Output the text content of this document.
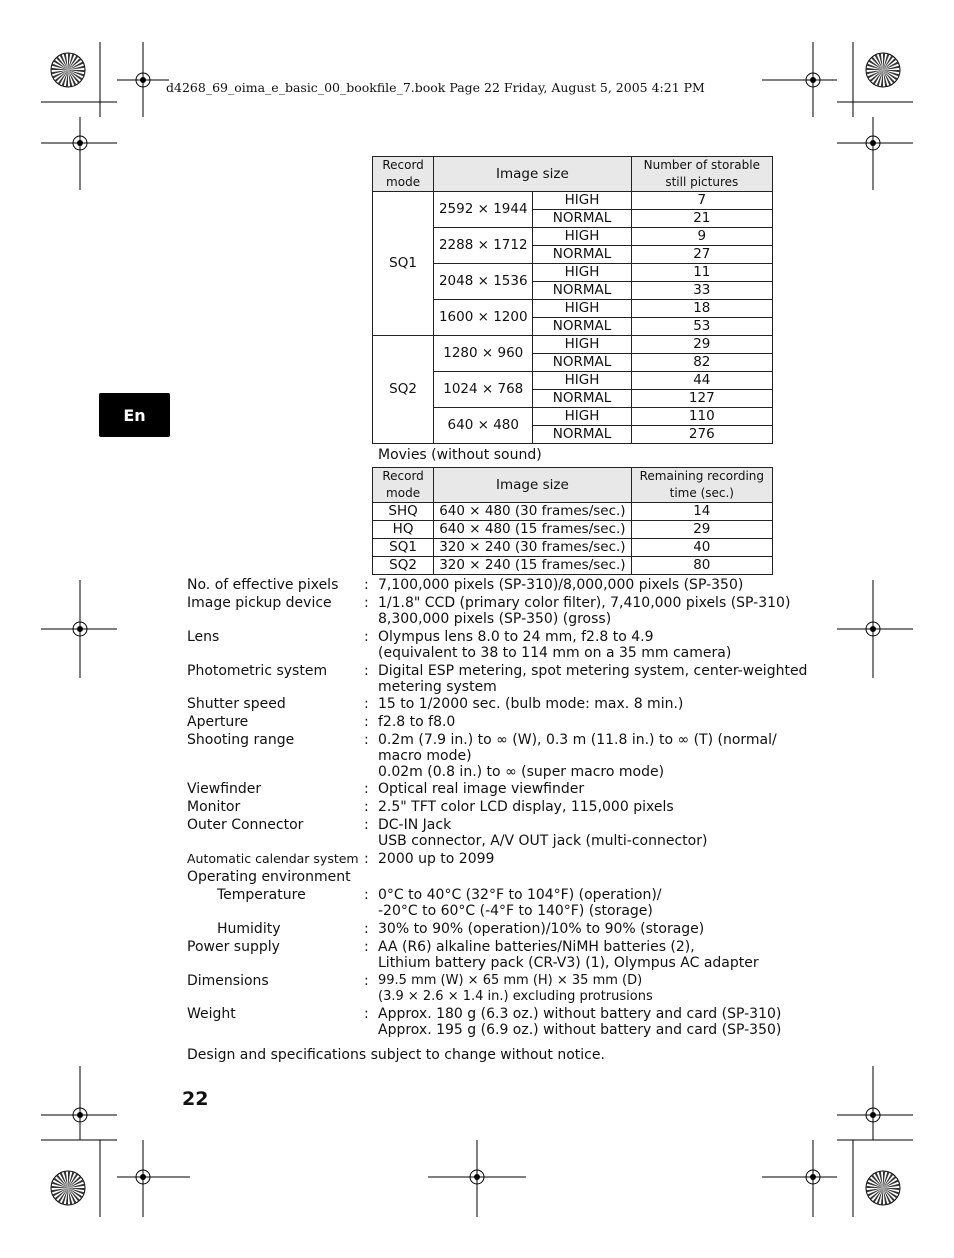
d4268_69_oima_e_basic_00_bookfile_7.book Page 22 Friday, August 5, 2005 4:21 PM
En
Record mode	Image size		Number of storable still pictures
SQ1	2592 × 1944	HIGH	7
		NORMAL	21
	2288 × 1712	HIGH	9
		NORMAL	27
	2048 × 1536	HIGH	11
		NORMAL	33
	1600 × 1200	HIGH	18
		NORMAL	53
SQ2	1280 × 960	HIGH	29
		NORMAL	82
	1024 × 768	HIGH	44
		NORMAL	127
	640 × 480	HIGH	110
		NORMAL	276
Movies (without sound)
Record mode	Image size	Remaining recording time (sec.)
SHQ	640 × 480 (30 frames/sec.)	14
HQ	640 × 480 (15 frames/sec.)	29
SQ1	320 × 240 (30 frames/sec.)	40
SQ2	320 × 240 (15 frames/sec.)	80
No. of effective pixels : 7,100,000 pixels (SP-310)/8,000,000 pixels (SP-350)
Image pickup device : 1/1.8" CCD (primary color filter), 7,410,000 pixels (SP-310)
8,300,000 pixels (SP-350) (gross)
Lens	: Olympus lens 8.0 to 24 mm, f2.8 to 4.9
(equivalent to 38 to 114 mm on a 35 mm camera)
Photometric system	: Digital ESP metering, spot metering system, center-weighted
metering system
Shutter speed	: 15 to 1/2000 sec. (bulb mode: max. 8 min.)
Aperture	: f2.8 to f8.0
Shooting range	: 0.2m (7.9 in.) to ∞ (W), 0.3 m (11.8 in.) to ∞ (T) (normal/
macro mode)
0.02m (0.8 in.) to ∞ (super macro mode)
Viewfinder	: Optical real image viewfinder
Monitor	: 2.5" TFT color LCD display, 115,000 pixels
Outer Connector	: DC-IN Jack
USB connector, A/V OUT jack (multi-connector)
Automatic calendar system : 2000 up to 2099
Operating environment
Temperature	: 0°C to 40°C (32°F to 104°F) (operation)/
-20°C to 60°C (-4°F to 140°F) (storage)
Humidity	: 30% to 90% (operation)/10% to 90% (storage)
Power supply	: AA (R6) alkaline batteries/NiMH batteries (2),
Lithium battery pack (CR-V3) (1), Olympus AC adapter
Dimensions	: 99.5 mm (W) × 65 mm (H) × 35 mm (D)
(3.9 × 2.6 × 1.4 in.) excluding protrusions
Weight	: Approx. 180 g (6.3 oz.) without battery and card (SP-310)
Approx. 195 g (6.9 oz.) without battery and card (SP-350)
Design and specifications subject to change without notice.
22
